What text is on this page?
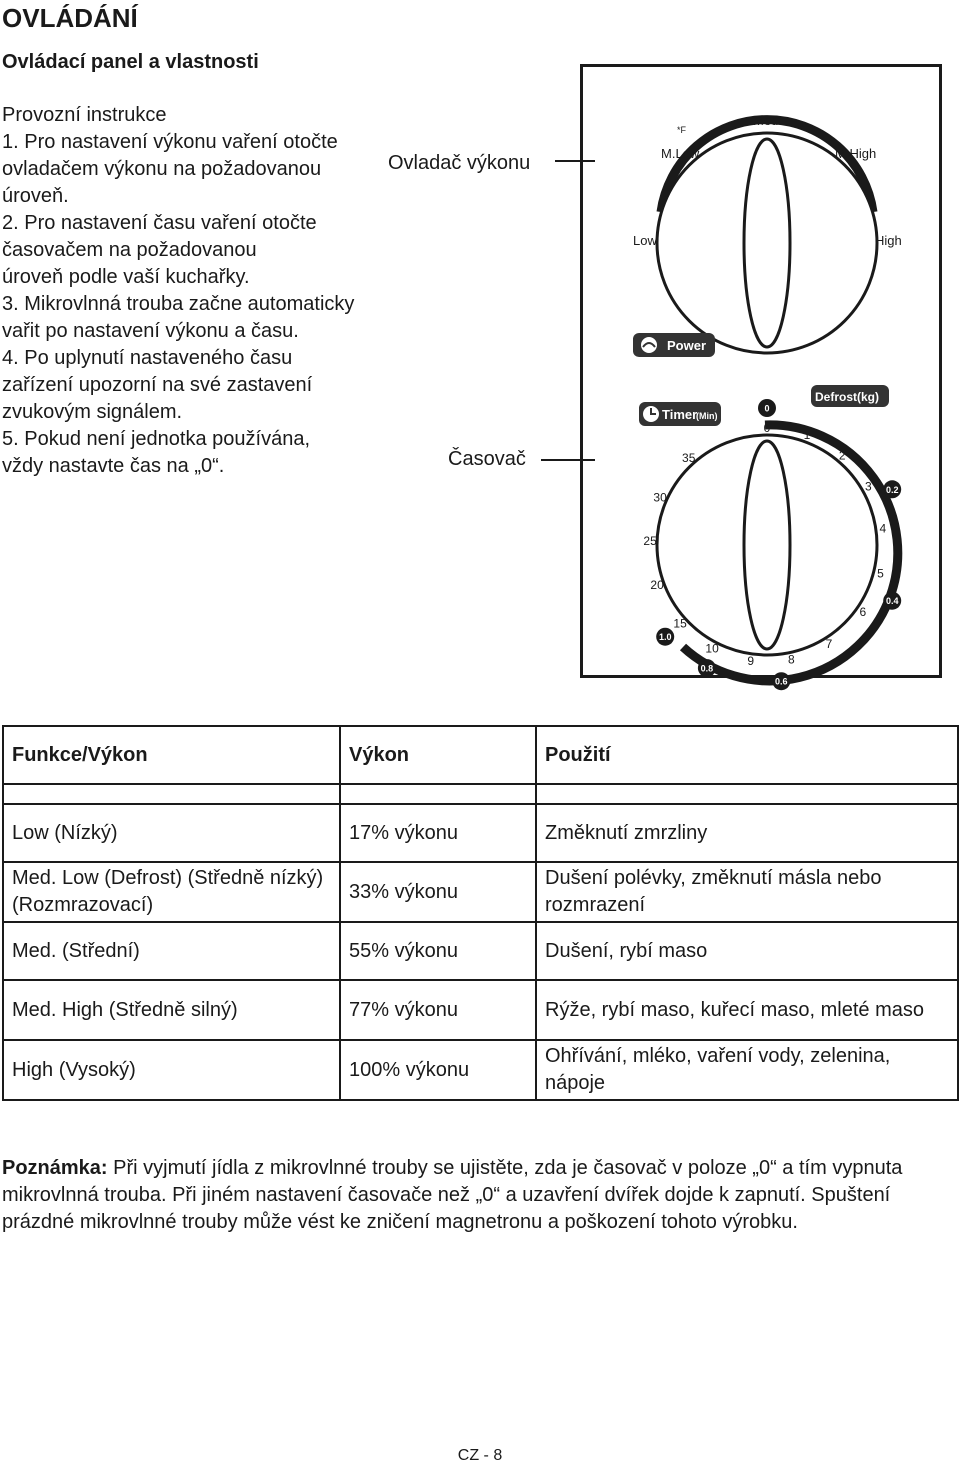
OVLÁDÁNÍ
Ovládací panel a vlastnosti
Provozní instrukce
1. Pro nastavení výkonu vaření otočte
ovladačem výkonu na požadovanou
úroveň.
2. Pro nastavení času vaření otočte
časovačem na požadovanou
úroveň podle vaší kuchařky.
3. Mikrovlnná trouba začne automaticky
vařit po nastavení výkonu a času.
4. Po uplynutí nastaveného času
zařízení upozorní na své zastavení
zvukovým signálem.
5. Pokud není jednotka používána,
vždy nastavte čas na „0“.
Ovladač výkonu
Časovač
Med
*F
M.Low	M.High
Low	High
Power
Timer
(Min)
Defrost(kg)
0
1
2
3
4
5
6
7
8
9
10
15
20
25
30
35
0
0.2
0.4
0.6
0.8
1.0
Funkce/Výkon	Výkon	Použití

Low (Nízký)	17% výkonu	Změknutí zmrzliny
Med. Low (Defrost) (Středně nízký) (Rozmrazovací)	33% výkonu	Dušení polévky, změknutí másla nebo rozmrazení
Med. (Střední)	55% výkonu	Dušení, rybí maso
Med. High (Středně silný)	77% výkonu	Rýže, rybí maso, kuřecí maso, mleté maso
High (Vysoký)	100% výkonu	Ohřívání, mléko, vaření vody, zelenina, nápoje
Poznámka: Při vyjmutí jídla z mikrovlnné trouby se ujistěte, zda je časovač v poloze „0“ a tím vypnuta mikrovlnná trouba. Při jiném nastavení časovače než „0“ a uzavření dvířek dojde k zapnutí. Spuštení prázdné mikrovlnné trouby může vést ke zničení magnetronu a poškození tohoto výrobku.
CZ - 8
